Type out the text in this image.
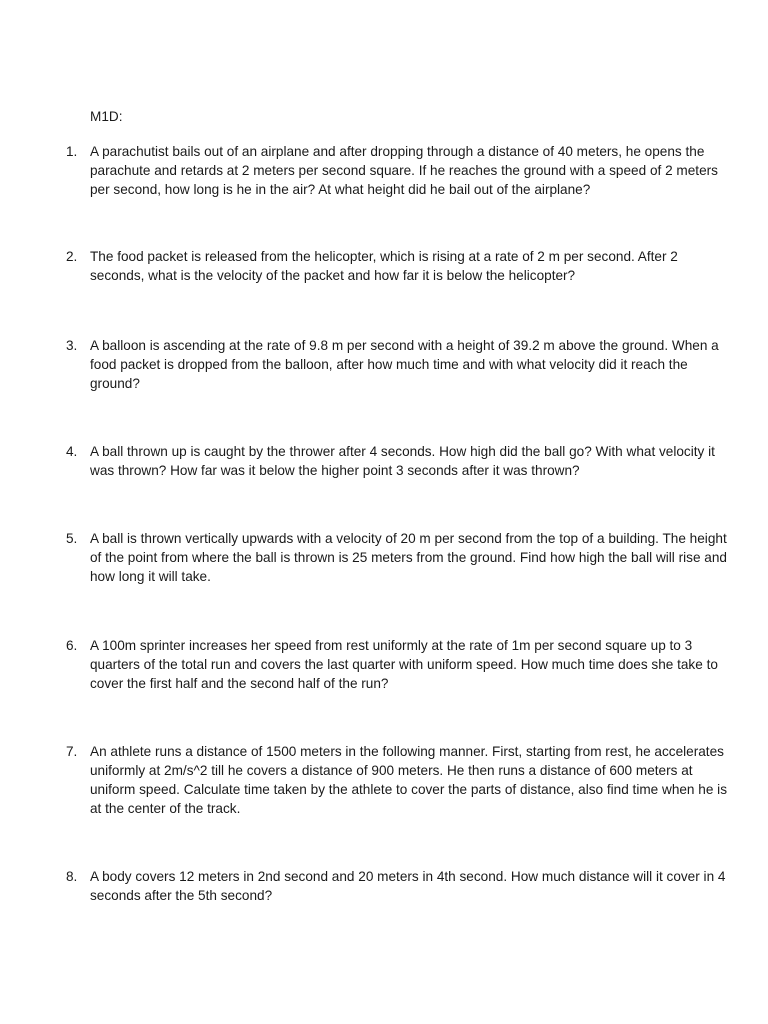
M1D:
1. A parachutist bails out of an airplane and after dropping through a distance of 40 meters, he opens the parachute and retards at 2 meters per second square. If he reaches the ground with a speed of 2 meters per second, how long is he in the air? At what height did he bail out of the airplane?
2. The food packet is released from the helicopter, which is rising at a rate of 2 m per second. After 2 seconds, what is the velocity of the packet and how far it is below the helicopter?
3. A balloon is ascending at the rate of 9.8 m per second with a height of 39.2 m above the ground. When a food packet is dropped from the balloon, after how much time and with what velocity did it reach the ground?
4. A ball thrown up is caught by the thrower after 4 seconds. How high did the ball go? With what velocity it was thrown? How far was it below the higher point 3 seconds after it was thrown?
5. A ball is thrown vertically upwards with a velocity of 20 m per second from the top of a building. The height of the point from where the ball is thrown is 25 meters from the ground. Find how high the ball will rise and how long it will take.
6. A 100m sprinter increases her speed from rest uniformly at the rate of 1m per second square up to 3 quarters of the total run and covers the last quarter with uniform speed. How much time does she take to cover the first half and the second half of the run?
7. An athlete runs a distance of 1500 meters in the following manner. First, starting from rest, he accelerates uniformly at 2m/s^2 till he covers a distance of 900 meters. He then runs a distance of 600 meters at uniform speed. Calculate time taken by the athlete to cover the parts of distance, also find time when he is at the center of the track.
8. A body covers 12 meters in 2nd second and 20 meters in 4th second. How much distance will it cover in 4 seconds after the 5th second?
